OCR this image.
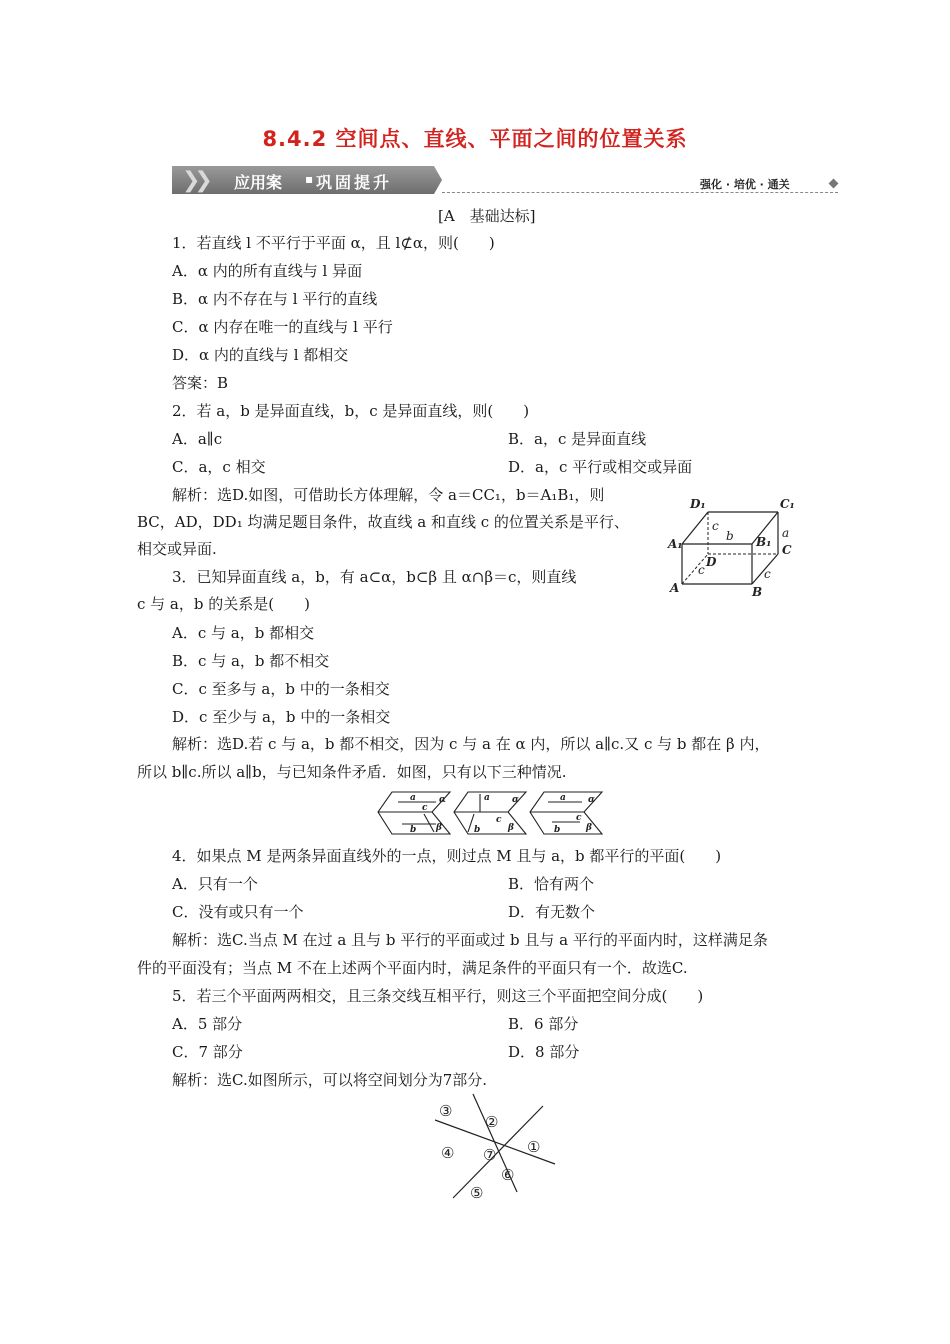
8.4.2 空间点、直线、平面之间的位置关系
❯❯ 应用案 ▪ 巩固提升	强化 · 培优 · 通关
[A　基础达标]
1．若直线 l 不平行于平面 α，且 l⊄α，则(　　)
A．α 内的所有直线与 l 异面
B．α 内不存在与 l 平行的直线
C．α 内存在唯一的直线与 l 平行
D．α 内的直线与 l 都相交
答案：B
2．若 a，b 是异面直线，b，c 是异面直线，则(　　)
A．a∥c	B．a，c 是异面直线
C．a，c 相交	D．a，c 平行或相交或异面
解析：选D.如图，可借助长方体理解，令 a＝CC₁，b＝A₁B₁，则
BC，AD，DD₁ 均满足题目条件，故直线 a 和直线 c 的位置关系是平行、
相交或异面.
D₁	C₁
A₁	B₁
C
D
A	B
a
b
c
c	c
3．已知异面直线 a，b，有 a⊂α，b⊂β 且 α∩β＝c，则直线
c 与 a，b 的关系是(　　)
A．c 与 a，b 都相交
B．c 与 a，b 都不相交
C．c 至多与 a，b 中的一条相交
D．c 至少与 a，b 中的一条相交
解析：选D.若 c 与 a，b 都不相交，因为 c 与 a 在 α 内，所以 a∥c.又 c 与 b 都在 β 内，
所以 b∥c.所以 a∥b，与已知条件矛盾．如图，只有以下三种情况.
a	α
c
b β
a α
c
b	β
a α
c
b	β
4．如果点 M 是两条异面直线外的一点，则过点 M 且与 a，b 都平行的平面(　　)
A．只有一个	B．恰有两个
C．没有或只有一个	D．有无数个
解析：选C.当点 M 在过 a 且与 b 平行的平面或过 b 且与 a 平行的平面内时，这样满足条
件的平面没有；当点 M 不在上述两个平面内时，满足条件的平面只有一个．故选C.
5．若三个平面两两相交，且三条交线互相平行，则这三个平面把空间分成(　　)
A．5 部分	B．6 部分
C．7 部分	D．8 部分
解析：选C.如图所示，可以将空间划分为7部分.
③
②
①
④ ⑦
⑥
⑤
